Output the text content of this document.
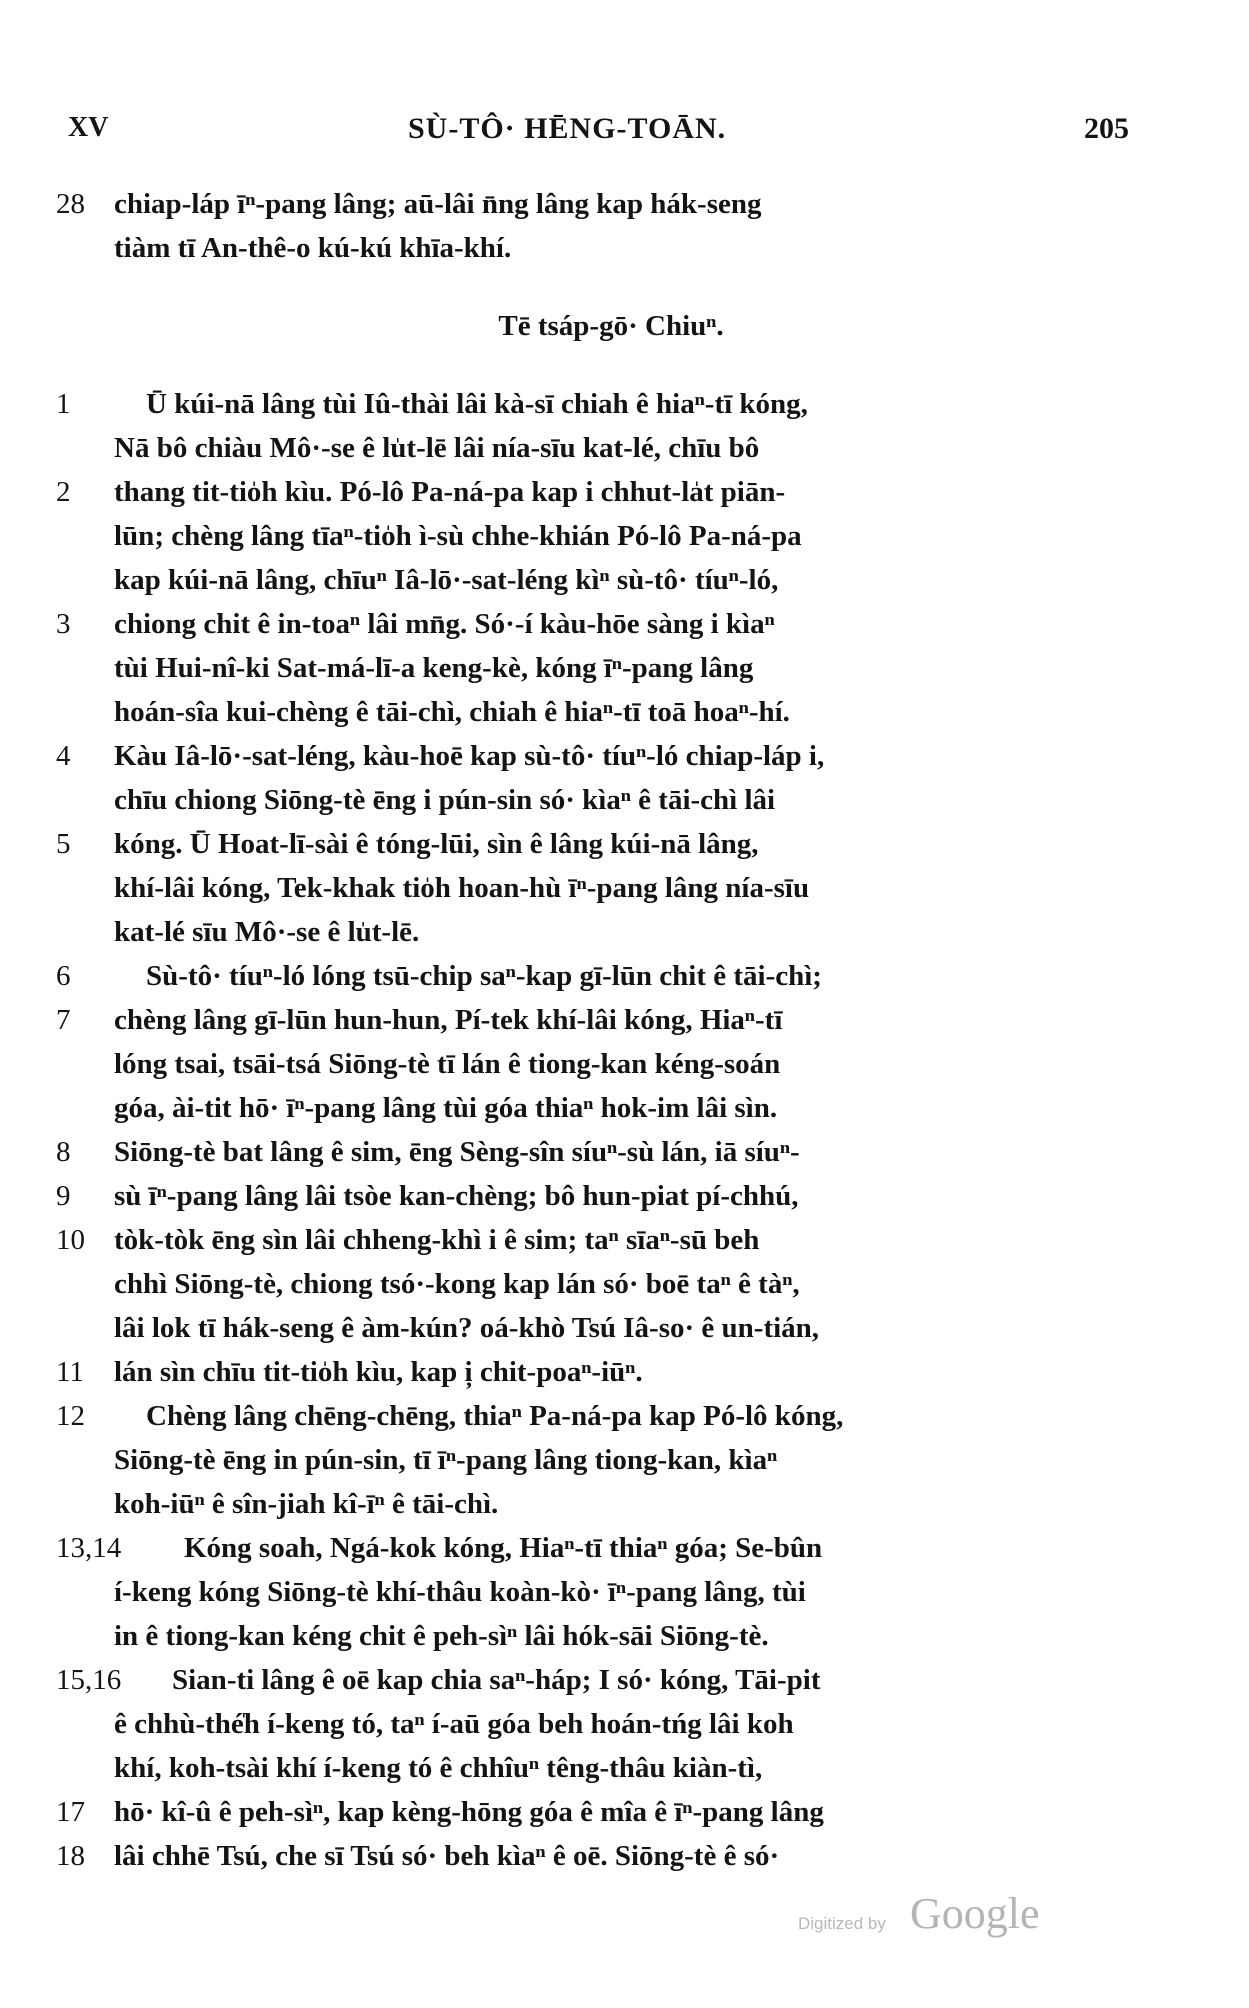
XV	SÙ-TÔ· HĒNG-TOĀN.	205
28	chiap-láp īⁿ-pang lâng; aū-lâi n̄ng lâng kap hák-seng
tiàm tī An-thê-o kú-kú khīa-khí.
Tē tsáp-gō· Chiuⁿ.
1	Ū kúi-nā lâng tùi Iû-thài lâi kà-sī chiah ê hiaⁿ-tī kóng,
Nā bô chiàu Mô·-se ê lu̍t-lē lâi nía-sīu kat-lé, chīu bô
2	thang tit-tio̍h kìu. Pó-lô Pa-ná-pa kap i chhut-la̍t piān-
lūn; chèng lâng tīaⁿ-tio̍h ì-sù chhe-khián Pó-lô Pa-ná-pa
kap kúi-nā lâng, chīuⁿ Iâ-lō·-sat-léng kìⁿ sù-tô· tíuⁿ-ló,
3	chiong chit ê in-toaⁿ lâi mn̄g. Só·-í kàu-hōe sàng i kìaⁿ
tùi Hui-nî-ki Sat-má-lī-a keng-kè, kóng īⁿ-pang lâng
hoán-sîa kui-chèng ê tāi-chì, chiah ê hiaⁿ-tī toā hoaⁿ-hí.
4	Kàu Iâ-lō·-sat-léng, kàu-hoē kap sù-tô· tíuⁿ-ló chiap-láp i,
chīu chiong Siōng-tè ēng i pún-sin só· kìaⁿ ê tāi-chì lâi
5	kóng. Ū Hoat-lī-sài ê tóng-lūi, sìn ê lâng kúi-nā lâng,
khí-lâi kóng, Tek-khak tio̍h hoan-hù īⁿ-pang lâng nía-sīu
kat-lé sīu Mô·-se ê lu̍t-lē.
6	Sù-tô· tíuⁿ-ló lóng tsū-chip saⁿ-kap gī-lūn chit ê tāi-chì;
7	chèng lâng gī-lūn hun-hun, Pí-tek khí-lâi kóng, Hiaⁿ-tī
lóng tsai, tsāi-tsá Siōng-tè tī lán ê tiong-kan kéng-soán
góa, ài-tit hō· īⁿ-pang lâng tùi góa thiaⁿ hok-im lâi sìn.
8	Siōng-tè bat lâng ê sim, ēng Sèng-sîn síuⁿ-sù lán, iā síuⁿ-
9	sù īⁿ-pang lâng lâi tsòe kan-chèng; bô hun-piat pí-chhú,
10	tòk-tòk ēng sìn lâi chheng-khì i ê sim; taⁿ sīaⁿ-sū beh
chhì Siōng-tè, chiong tsó·-kong kap lán só· boē taⁿ ê tàⁿ,
lâi lok tī hák-seng ê àm-kún? oá-khò Tsú Iâ-so· ê un-tián,
11	lán sìn chīu tit-tio̍h kìu, kap i̦ chit-poaⁿ-iūⁿ.
12	Chèng lâng chēng-chēng, thiaⁿ Pa-ná-pa kap Pó-lô kóng,
Siōng-tè ēng in pún-sin, tī īⁿ-pang lâng tiong-kan, kìaⁿ
koh-iūⁿ ê sîn-jiah kî-īⁿ ê tāi-chì.
13,14	Kóng soah, Ngá-kok kóng, Hiaⁿ-tī thiaⁿ góa; Se-bûn
í-keng kóng Siōng-tè khí-thâu koàn-kò· īⁿ-pang lâng, tùi
in ê tiong-kan kéng chit ê peh-sìⁿ lâi hók-sāi Siōng-tè.
15,16	Sian-ti lâng ê oē kap chia saⁿ-háp; I só· kóng, Tāi-pit
ê chhù-thé̍h í-keng tó, taⁿ í-aū góa beh hoán-tńg lâi koh
khí, koh-tsài khí í-keng tó ê chhîuⁿ têng-thâu kiàn-tì,
17	hō· kî-û ê peh-sìⁿ, kap kèng-hōng góa ê mîa ê īⁿ-pang lâng
18	lâi chhē Tsú, che sī Tsú só· beh kìaⁿ ê oē. Siōng-tè ê só·
Digitized by Google
